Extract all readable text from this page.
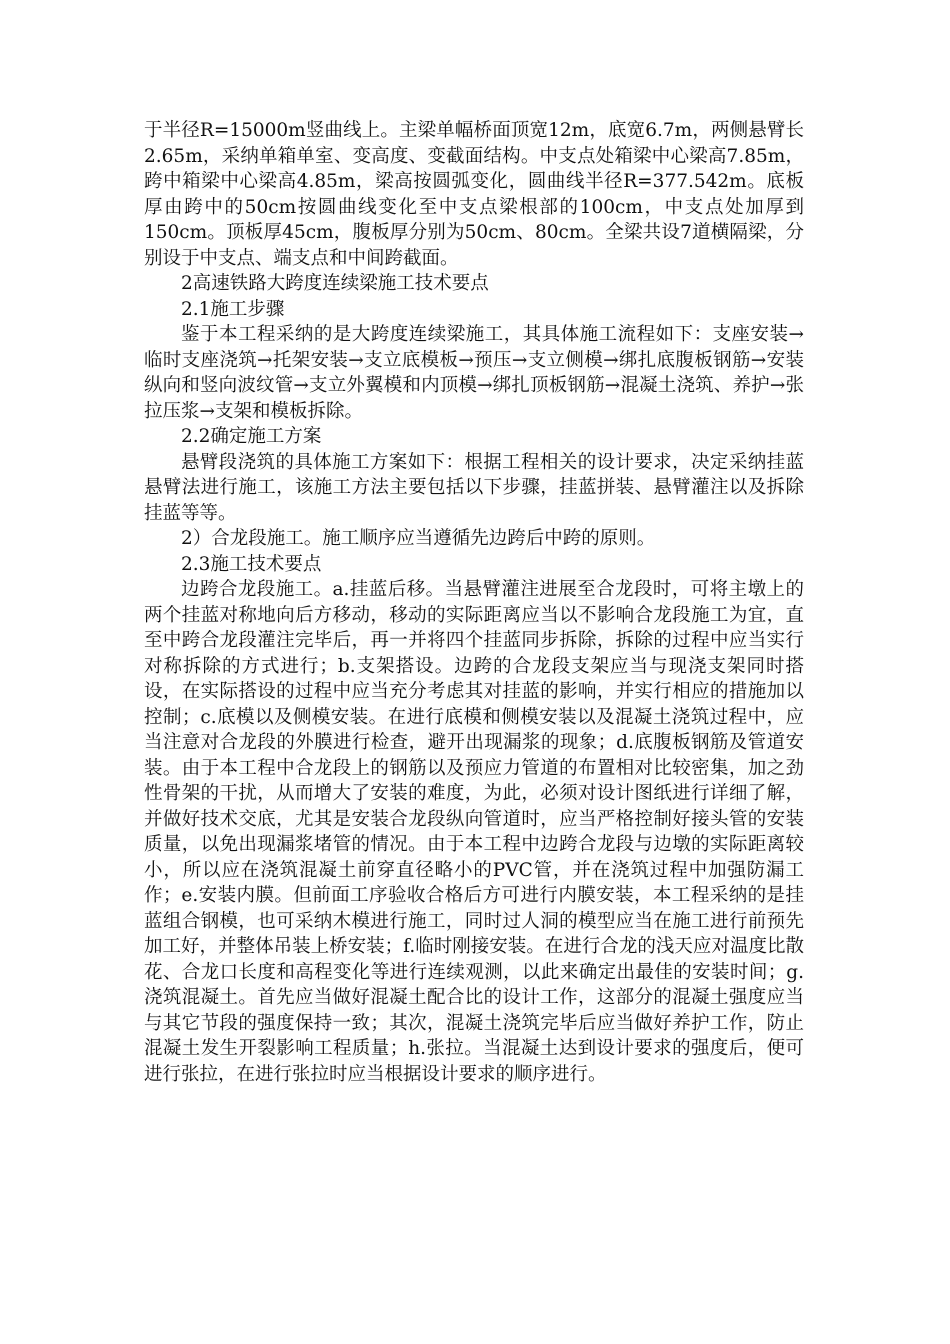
于半径R=15000m竖曲线上。主梁单幅桥面顶宽12m，底宽6.7m，两侧悬臂长2.65m，采纳单箱单室、变高度、变截面结构。中支点处箱梁中心梁高7.85m，跨中箱梁中心梁高4.85m，梁高按圆弧变化，圆曲线半径R=377.542m。底板厚由跨中的50cm按圆曲线变化至中支点梁根部的100cm，中支点处加厚到150cm。顶板厚45cm，腹板厚分别为50cm、80cm。全梁共设7道横隔梁，分别设于中支点、端支点和中间跨截面。

2高速铁路大跨度连续梁施工技术要点

2.1施工步骤

鉴于本工程采纳的是大跨度连续梁施工，其具体施工流程如下：支座安装→临时支座浇筑→托架安装→支立底模板→预压→支立侧模→绑扎底腹板钢筋→安装纵向和竖向波纹管→支立外翼模和内顶模→绑扎顶板钢筋→混凝土浇筑、养护→张拉压浆→支架和模板拆除。

2.2确定施工方案

悬臂段浇筑的具体施工方案如下：根据工程相关的设计要求，决定采纳挂蓝悬臂法进行施工，该施工方法主要包括以下步骤，挂蓝拼装、悬臂灌注以及拆除挂蓝等等。

2）合龙段施工。施工顺序应当遵循先边跨后中跨的原则。

2.3施工技术要点

边跨合龙段施工。a.挂蓝后移。当悬臂灌注进展至合龙段时，可将主墩上的两个挂蓝对称地向后方移动，移动的实际距离应当以不影响合龙段施工为宜，直至中跨合龙段灌注完毕后，再一并将四个挂蓝同步拆除，拆除的过程中应当实行对称拆除的方式进行；b.支架搭设。边跨的合龙段支架应当与现浇支架同时搭设，在实际搭设的过程中应当充分考虑其对挂蓝的影响，并实行相应的措施加以控制；c.底模以及侧模安装。在进行底模和侧模安装以及混凝土浇筑过程中，应当注意对合龙段的外膜进行检查，避开出现漏浆的现象；d.底腹板钢筋及管道安装。由于本工程中合龙段上的钢筋以及预应力管道的布置相对比较密集，加之劲性骨架的干扰，从而增大了安装的难度，为此，必须对设计图纸进行详细了解，并做好技术交底，尤其是安装合龙段纵向管道时，应当严格控制好接头管的安装质量，以免出现漏浆堵管的情况。由于本工程中边跨合龙段与边墩的实际距离较小，所以应在浇筑混凝土前穿直径略小的PVC管，并在浇筑过程中加强防漏工作；e.安装内膜。但前面工序验收合格后方可进行内膜安装，本工程采纳的是挂蓝组合钢模，也可采纳木模进行施工，同时过人洞的模型应当在施工进行前预先加工好，并整体吊装上桥安装；f.临时刚接安装。在进行合龙的浅天应对温度比散花、合龙口长度和高程变化等进行连续观测，以此来确定出最佳的安装时间；g.浇筑混凝土。首先应当做好混凝土配合比的设计工作，这部分的混凝土强度应当与其它节段的强度保持一致；其次，混凝土浇筑完毕后应当做好养护工作，防止混凝土发生开裂影响工程质量；h.张拉。当混凝土达到设计要求的强度后，便可进行张拉，在进行张拉时应当根据设计要求的顺序进行。
